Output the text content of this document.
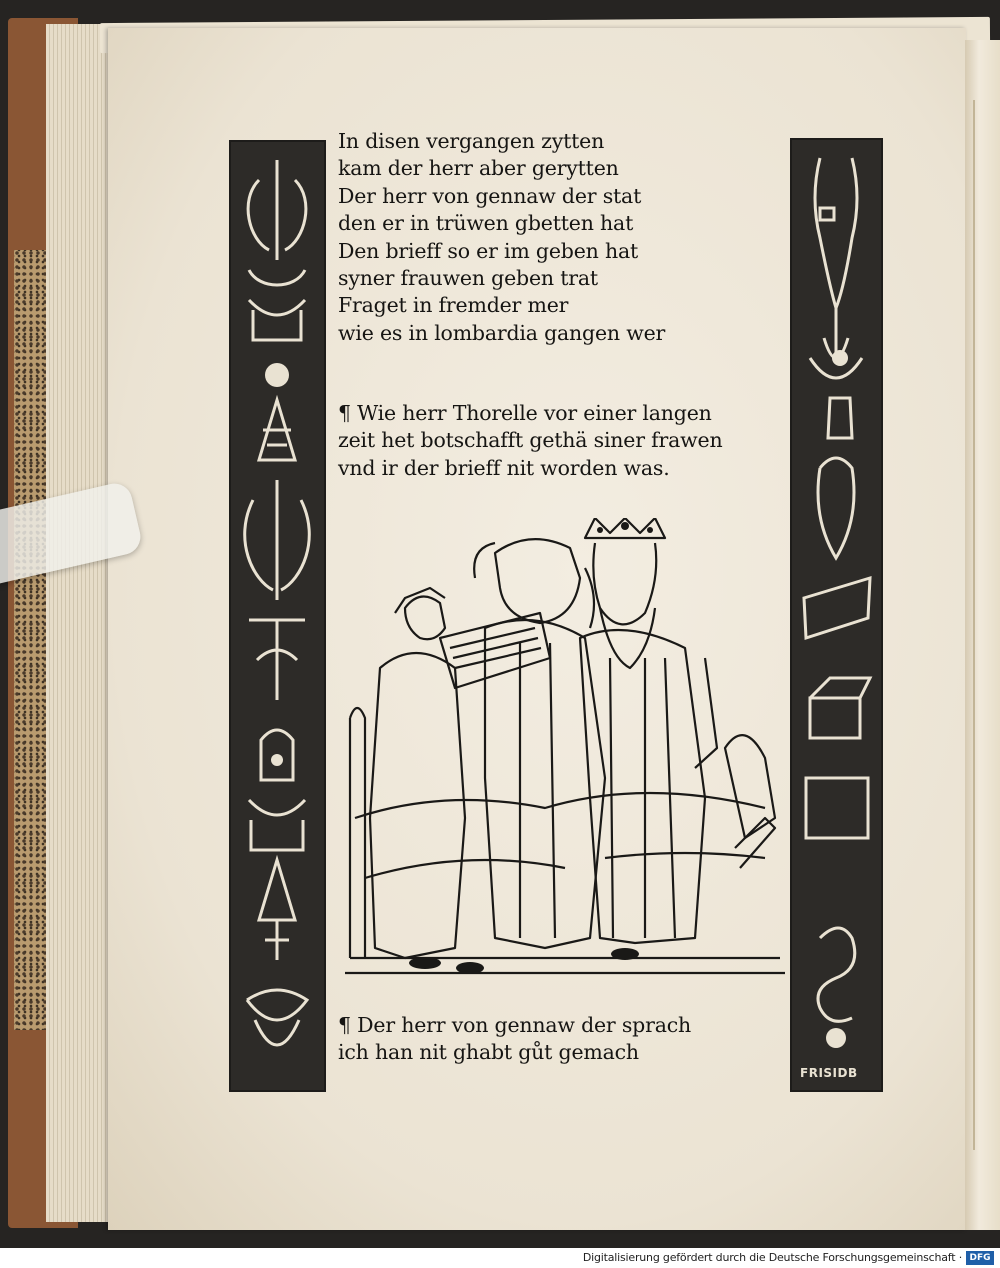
FRISIDB
In disen vergangen zytten
kam der herr aber gerytten
Der herr von gennaw der stat
den er in trüwen gbetten hat
Den brieff so er im geben hat
syner frauwen geben trat
Fraget in fremder mer
wie es in lombardia gangen wer
¶ Wie herr Thorelle vor einer langen
zeit het botschafft gethä siner frawen
vnd ir der brieff nit worden was.
¶ Der herr von gennaw der sprach
ich han nit ghabt gůt gemach
Digitalisierung gefördert durch die Deutsche Forschungsgemeinschaft · DFG
